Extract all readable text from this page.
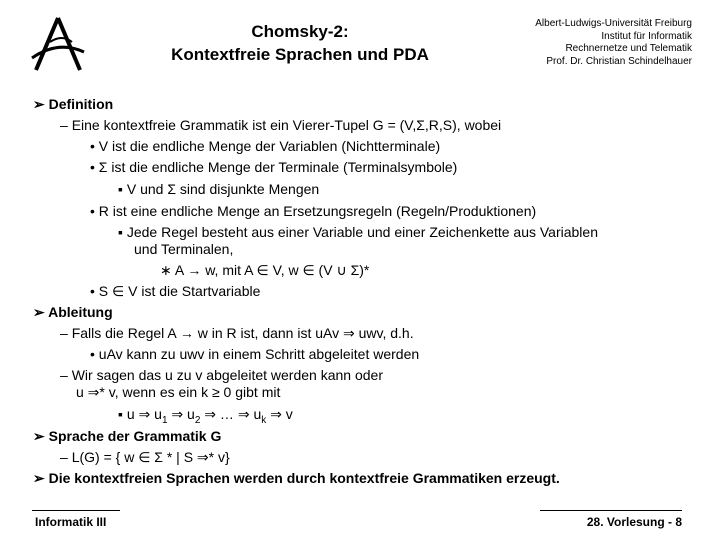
Chomsky-2:
Kontextfreie Sprachen und PDA
Albert-Ludwigs-Universität Freiburg
Institut für Informatik
Rechnernetze und Telematik
Prof. Dr. Christian Schindelhauer
➢ Definition
– Eine kontextfreie Grammatik ist ein Vierer-Tupel G = (V,Σ,R,S), wobei
• V ist die endliche Menge der Variablen (Nichtterminale)
• Σ ist die endliche Menge der Terminale (Terminalsymbole)
▪ V und Σ sind disjunkte Mengen
• R ist eine endliche Menge an Ersetzungsregeln (Regeln/Produktionen)
▪ Jede Regel besteht aus einer Variable und einer Zeichenkette aus Variablen
und Terminalen,
∗ A → w, mit A ∈ V, w ∈ (V ∪ Σ)*
• S ∈ V ist die Startvariable
➢ Ableitung
– Falls die Regel A → w in R ist, dann ist uAv ⇒ uwv, d.h.
• uAv kann zu uwv in einem Schritt abgeleitet werden
– Wir sagen das u zu v abgeleitet werden kann oder
u ⇒* v, wenn es ein k ≥ 0 gibt mit
▪ u ⇒ $u_1$ ⇒ $u_2$ ⇒ … ⇒ $u_k$ ⇒ v
➢ Sprache der Grammatik G
– L(G) = { w ∈ Σ * | S ⇒* v}
➢ Die kontextfreien Sprachen werden durch kontextfreie Grammatiken erzeugt.
Informatik III	28. Vorlesung - 8
